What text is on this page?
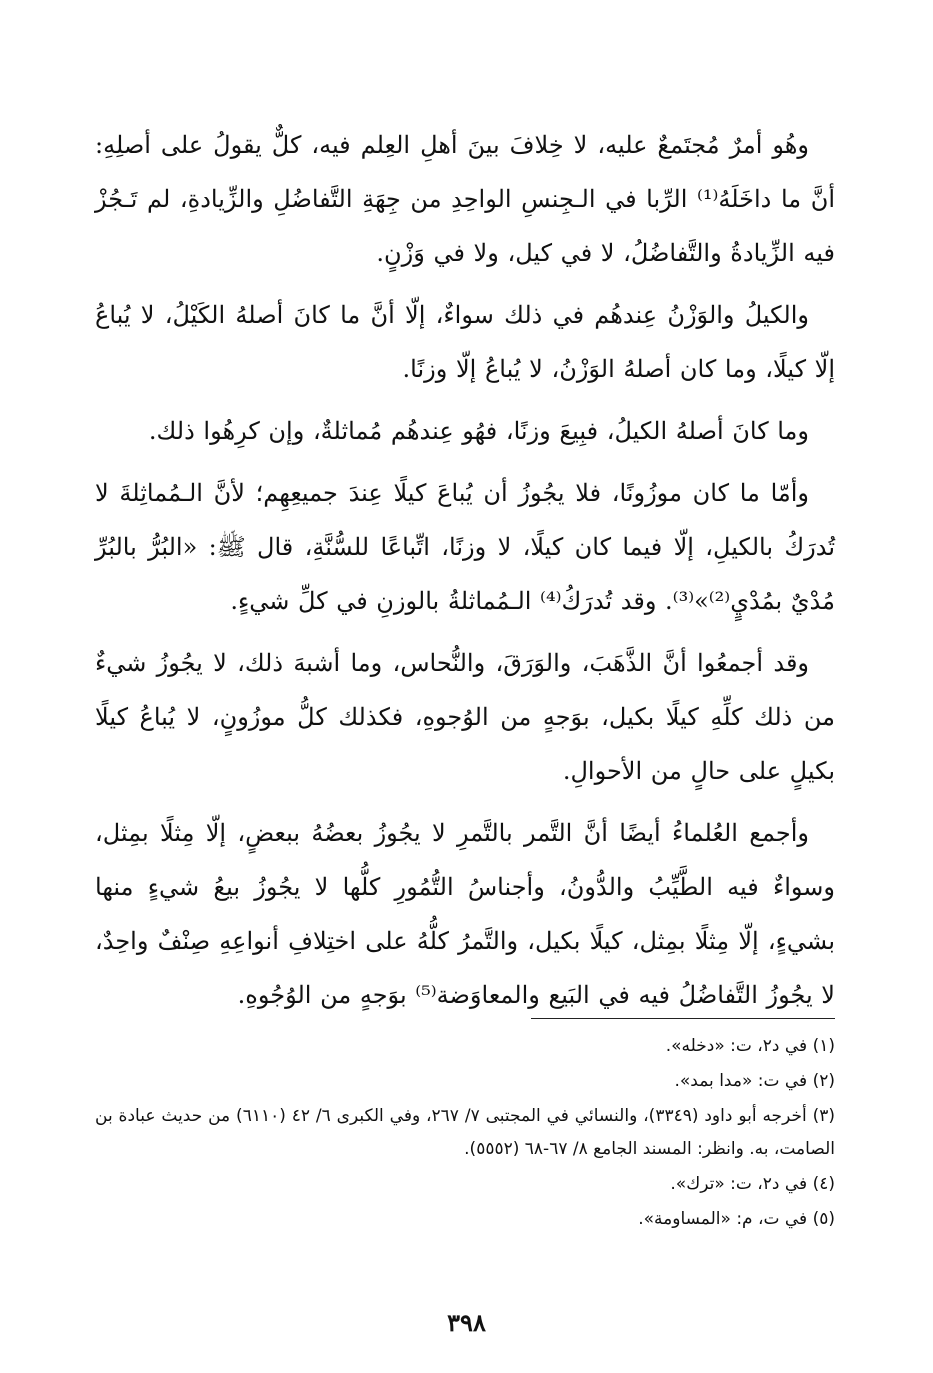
وهُو أمرٌ مُجتَمعٌ عليه، لا خِلافَ بينَ أهلِ العِلم فيه، كلٌّ يقولُ على أصلِهِ: أنَّ ما داخَلَهُ⁽¹⁾ الرِّبا في الـجِنسِ الواحِدِ من جِهَةِ التَّفاضُلِ والزِّيادةِ، لم تَـجُزْ فيه الزِّيادةُ والتَّفاضُلُ، لا في كيل، ولا في وَزْنٍ.

والكيلُ والوَزْنُ عِندهُم في ذلك سواءٌ، إلّا أنَّ ما كانَ أصلهُ الكَيْلُ، لا يُباعُ إلّا كيلًا، وما كان أصلهُ الوَزْنُ، لا يُباعُ إلّا وزنًا.

وما كانَ أصلهُ الكيلُ، فبِيعَ وزنًا، فهُو عِندهُم مُماثلةٌ، وإن كرِهُوا ذلك.

وأمّا ما كان موزُونًا، فلا يجُوزُ أن يُباعَ كيلًا عِندَ جميعِهِم؛ لأنَّ الـمُماثِلةَ لا تُدرَكُ بالكيلِ، إلّا فيما كان كيلًا، لا وزنًا، اتِّباعًا للسُّنَّةِ، قال ﷺ: «البُرُّ بالبُرِّ مُدْيٌ بمُدْيٍ⁽²⁾»⁽³⁾. وقد تُدرَكُ⁽⁴⁾ الـمُماثلةُ بالوزنِ في كلِّ شيءٍ.

وقد أجمعُوا أنَّ الذَّهَبَ، والوَرَقَ، والنُّحاس، وما أشبهَ ذلك، لا يجُوزُ شيءٌ من ذلك كلِّهِ كيلًا بكيل، بوَجهٍ من الوُجوهِ، فكذلك كلُّ موزُونٍ، لا يُباعُ كيلًا بكيلٍ على حالٍ من الأحوالِ.

وأجمع العُلماءُ أيضًا أنَّ التَّمر بالتَّمرِ لا يجُوزُ بعضُهُ ببعضٍ، إلّا مِثلًا بمِثل، وسواءٌ فيه الطَّيِّبُ والدُّونُ، وأجناسُ التُّمُورِ كلُّها لا يجُوزُ بيعُ شيءٍ منها بشيءٍ، إلّا مِثلًا بمِثل، كيلًا بكيل، والتَّمرُ كلُّهُ على اختِلافِ أنواعِهِ صِنْفٌ واحِدٌ، لا يجُوزُ التَّفاضُلُ فيه في البَيع والمعاوَضة⁽⁵⁾ بوَجهٍ من الوُجُوهِ.

(١) في د٢، ت: «دخله».

(٢) في ت: «مدا بمد».

(٣) أخرجه أبو داود (٣٣٤٩)، والنسائي في المجتبى ٧/ ٢٦٧، وفي الكبرى ٦/ ٤٢ (٦١١٠) من حديث عبادة بن الصامت، به. وانظر: المسند الجامع ٨/ ٦٧-٦٨ (٥٥٥٢).

(٤) في د٢، ت: «ترك».

(٥) في ت، م: «المساومة».

٣٩٨
